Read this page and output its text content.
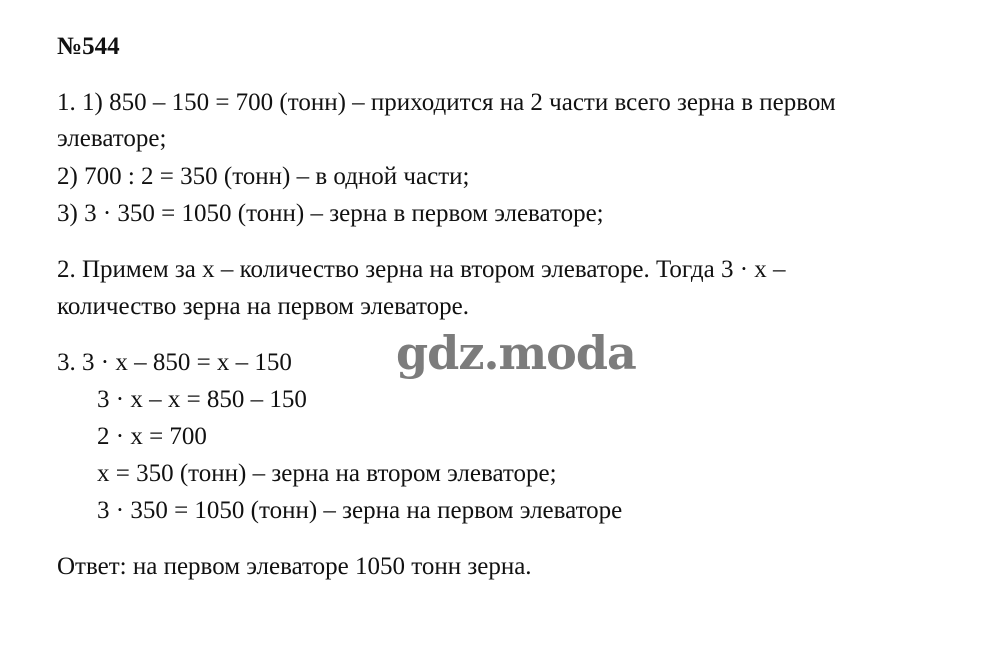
№544
1. 1) 850 – 150 = 700 (тонн) – приходится на 2 части всего зерна в первом
элеваторе;
2) 700 : 2 = 350 (тонн) – в одной части;
3) 3 · 350 = 1050 (тонн) – зерна в первом элеваторе;
2. Примем за х – количество зерна на втором элеваторе. Тогда 3 · х –
количество зерна на первом элеваторе.
3. 3 · х – 850 = х – 150
3 · х – х = 850 – 150
2 · х = 700
х = 350 (тонн) – зерна на втором элеваторе;
3 · 350 = 1050 (тонн) – зерна на первом элеваторе
Ответ: на первом элеваторе 1050 тонн зерна.
gdz.moda
